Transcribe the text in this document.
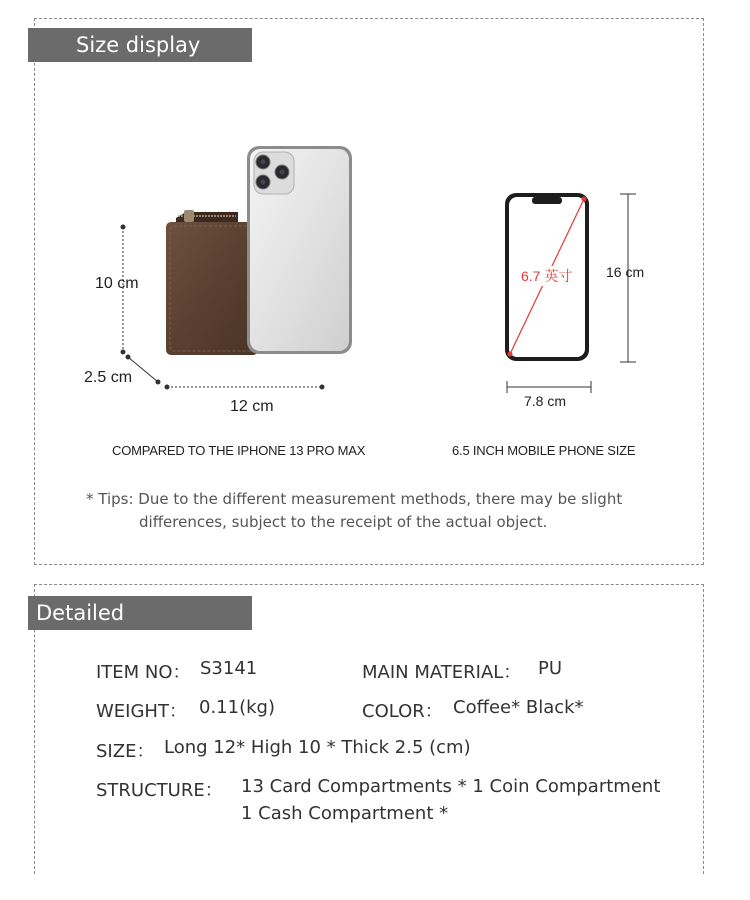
Size display
10 cm
2.5 cm
12 cm
6.7 英寸 16 cm
7.8 cm
COMPARED TO THE IPHONE 13 PRO MAX	6.5 INCH MOBILE PHONE SIZE
* Tips: Due to the different measurement methods, there may be slight
differences, subject to the receipt of the actual object.
Detailed parameters
ITEM NO： S3141	MAIN MATERIAL： PU
WEIGHT： 0.11(kg)	COLOR： Coffee* Black*
SIZE： Long 12* High 10 * Thick 2.5 (cm)
STRUCTURE： 13 Card Compartments * 1 Coin Compartment
1 Cash Compartment *
